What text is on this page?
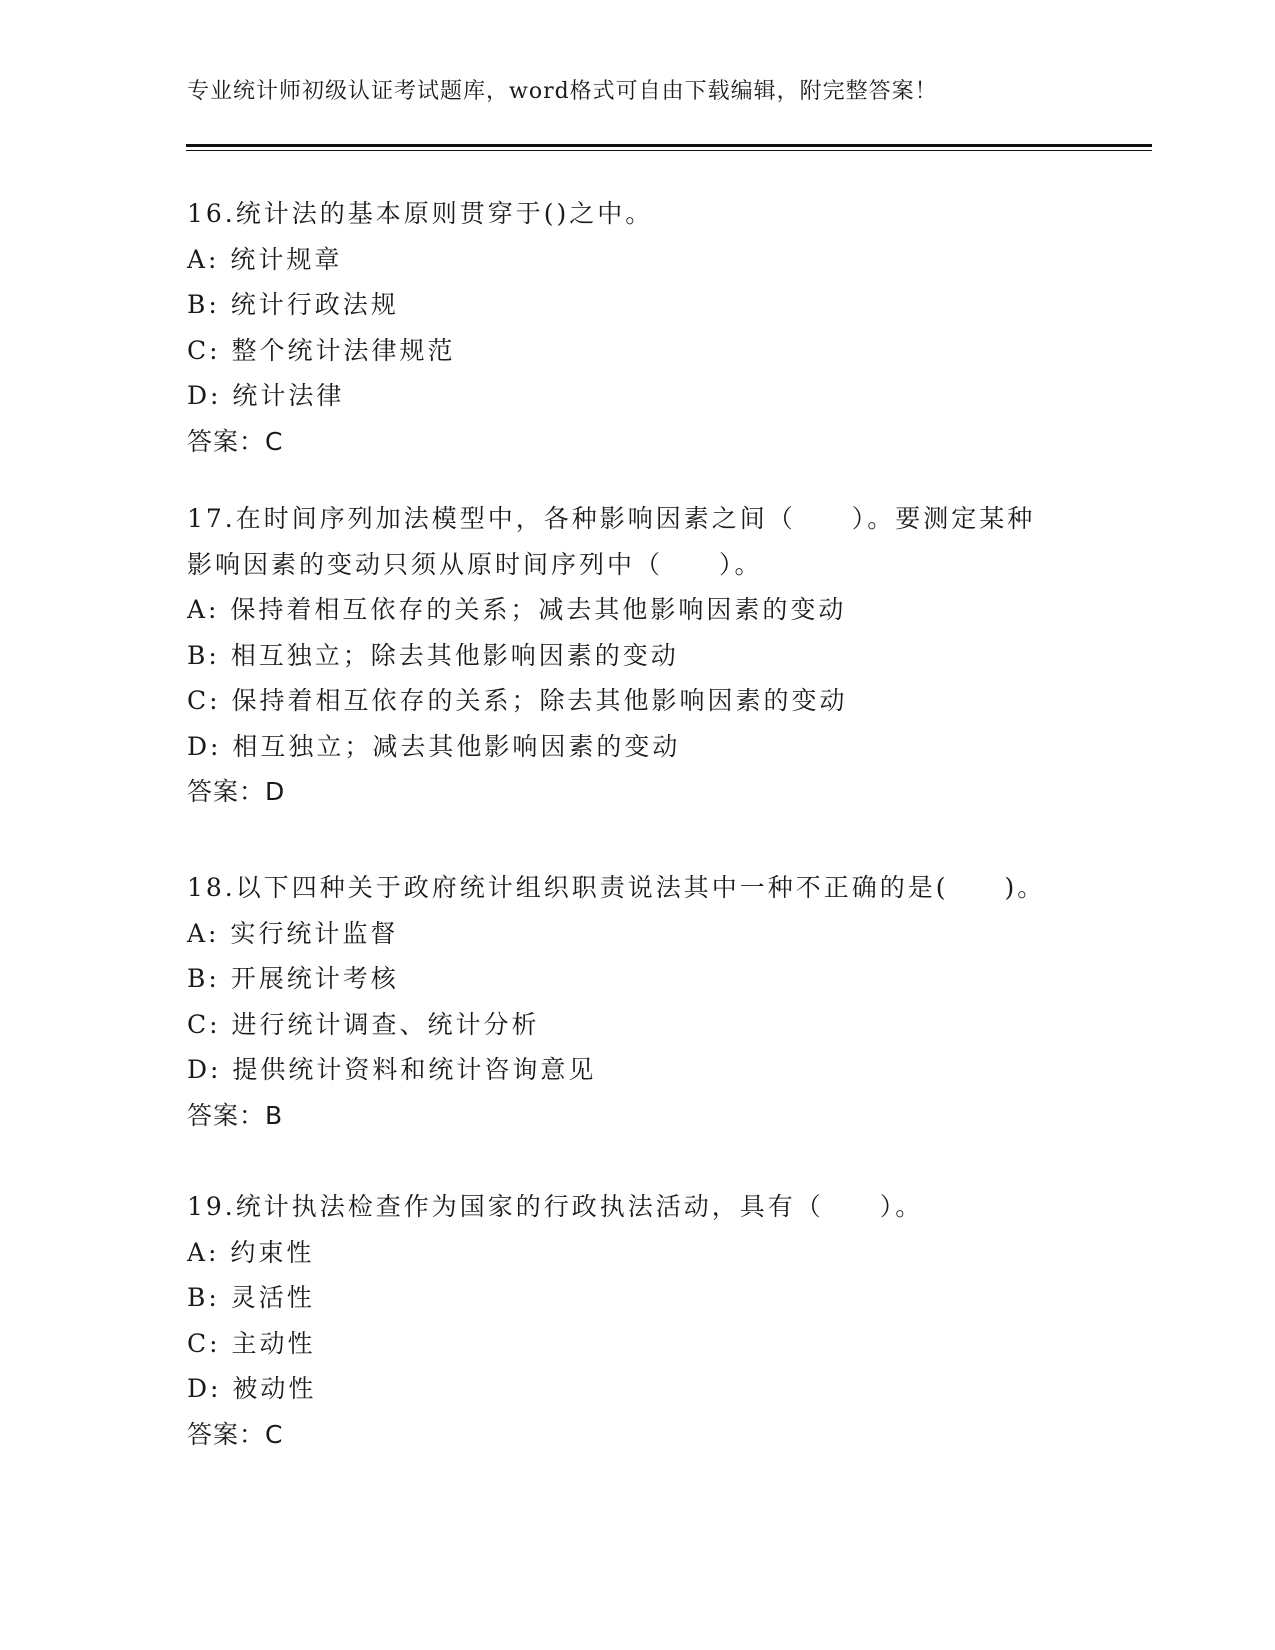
专业统计师初级认证考试题库，word格式可自由下载编辑，附完整答案！
16.统计法的基本原则贯穿于()之中。
A: 统计规章
B: 统计行政法规
C: 整个统计法律规范
D: 统计法律
答案：C
17.在时间序列加法模型中，各种影响因素之间（　　）。要测定某种
影响因素的变动只须从原时间序列中（　　）。
A: 保持着相互依存的关系；减去其他影响因素的变动
B: 相互独立；除去其他影响因素的变动
C: 保持着相互依存的关系；除去其他影响因素的变动
D: 相互独立；减去其他影响因素的变动
答案：D
18.以下四种关于政府统计组织职责说法其中一种不正确的是(　　)。
A: 实行统计监督
B: 开展统计考核
C: 进行统计调查、统计分析
D: 提供统计资料和统计咨询意见
答案：B
19.统计执法检查作为国家的行政执法活动，具有（　　）。
A: 约束性
B: 灵活性
C: 主动性
D: 被动性
答案：C
